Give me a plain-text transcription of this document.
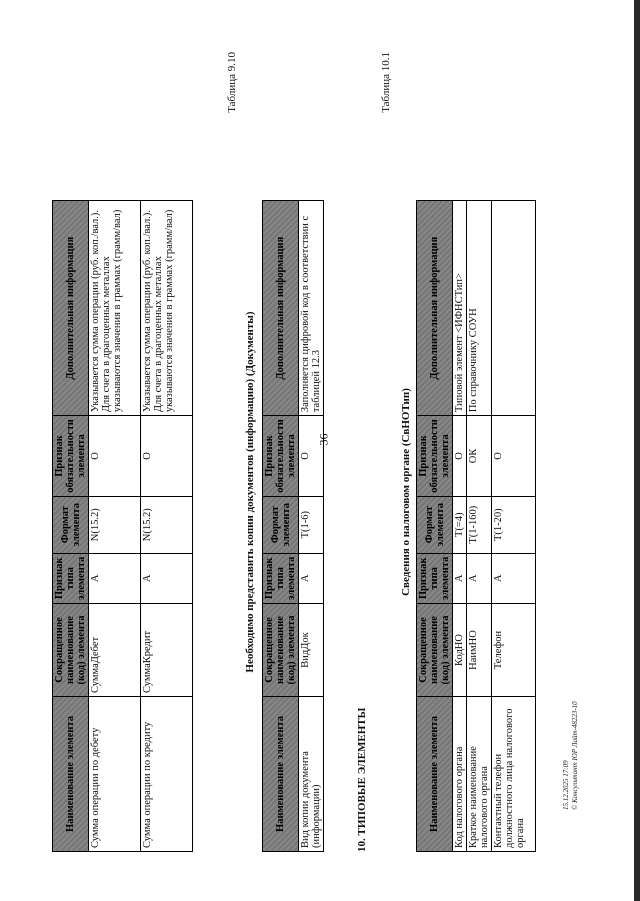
36
Наименование элемента	Сокращенное наименование (код) элемента	Признак типа элемента	Формат элемента	Признак обязательности элемента	Дополнительная информация
Сумма операции по дебету	СуммаДебет	А	N(15.2)	О	Указывается сумма операции (руб. коп./вал.). Для счета в драгоценных металлах указываются значения в граммах (грамм/вал)
Сумма операции по кредиту	СуммаКредит	А	N(15.2)	О	Указывается сумма операции (руб. коп./вал.). Для счета в драгоценных металлах указываются значения в граммах (грамм/вал)
Таблица 9.10
Необходимо представить копии документов (информацию) (Документы)
Наименование элемента	Сокращенное наименование (код) элемента	Признак типа элемента	Формат элемента	Признак обязательности элемента	Дополнительная информация
Вид копии документа (информации)	ВидДок	А	T(1-6)	О	Заполняется цифровой код в соответствии с таблицей 12.3
10. ТИПОВЫЕ ЭЛЕМЕНТЫ
Таблица 10.1
Сведения о налоговом органе (СвНОТип)
Наименование элемента	Сокращенное наименование (код) элемента	Признак типа элемента	Формат элемента	Признак обязательности элемента	Дополнительная информация
Код налогового органа	КодНО	А	T(=4)	О	Типовой элемент <ИФНСТип>
Краткое наименование налогового органа	НаимНО	А	T(1-160)	ОК	По справочнику СОУН
Контактный телефон должностного лица налогового органа	Телефон	А	T(1-20)	О	
15.12.2025 17:09 © Консультант ЮР Лайт-48223-10
